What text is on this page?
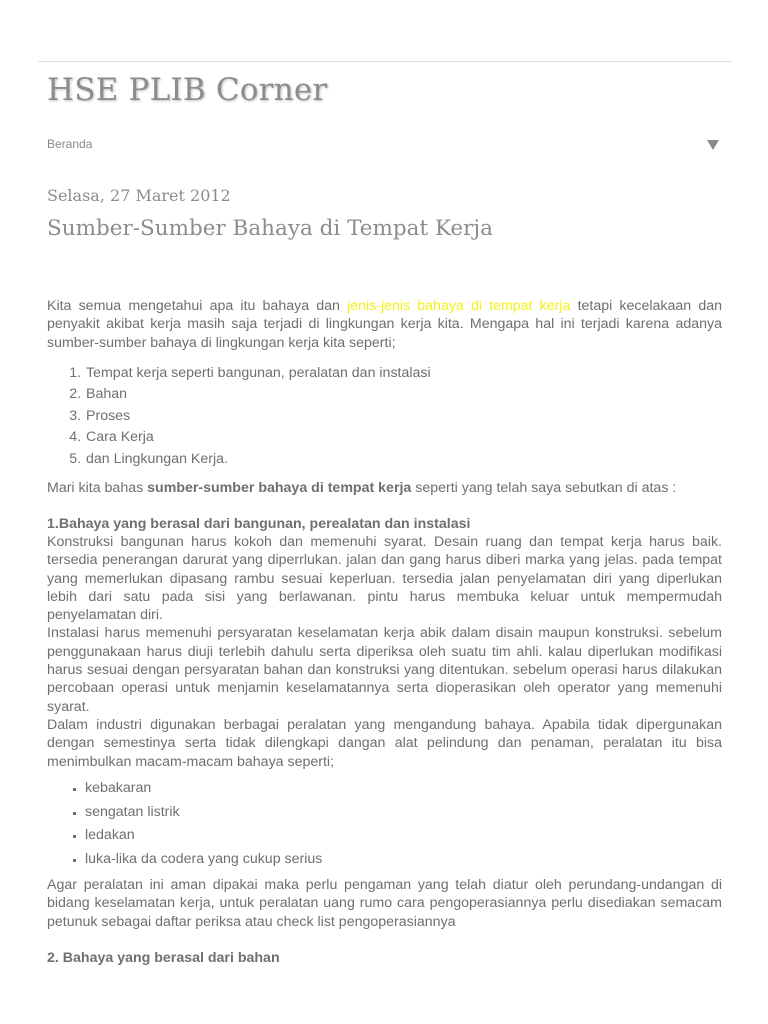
HSE PLIB Corner
Beranda
Selasa, 27 Maret 2012
Sumber-Sumber Bahaya di Tempat Kerja

Kita semua mengetahui apa itu bahaya dan jenis-jenis bahaya di tempat kerja tetapi kecelakaan dan penyakit akibat kerja masih saja terjadi di lingkungan kerja kita. Mengapa hal ini terjadi karena adanya sumber-sumber bahaya di lingkungan kerja kita seperti;

1. Tempat kerja seperti bangunan, peralatan dan instalasi
2. Bahan
3. Proses
4. Cara Kerja
5. dan Lingkungan Kerja.

Mari kita bahas sumber-sumber bahaya di tempat kerja seperti yang telah saya sebutkan di atas :

1.Bahaya yang berasal dari bangunan, perealatan dan instalasi

Konstruksi bangunan harus kokoh dan memenuhi syarat. Desain ruang dan tempat kerja harus baik. tersedia penerangan darurat yang diperrlukan. jalan dan gang harus diberi marka yang jelas. pada tempat yang memerlukan dipasang rambu sesuai keperluan. tersedia jalan penyelamatan diri yang diperlukan lebih dari satu pada sisi yang berlawanan. pintu harus membuka keluar untuk mempermudah penyelamatan diri.

Instalasi harus memenuhi persyaratan keselamatan kerja abik dalam disain maupun konstruksi. sebelum penggunakaan harus diuji terlebih dahulu serta diperiksa oleh suatu tim ahli. kalau diperlukan modifikasi harus sesuai dengan persyaratan bahan dan konstruksi yang ditentukan. sebelum operasi harus dilakukan percobaan operasi untuk menjamin keselamatannya serta dioperasikan oleh operator yang memenuhi syarat.

Dalam industri digunakan berbagai peralatan yang mengandung bahaya. Apabila tidak dipergunakan dengan semestinya serta tidak dilengkapi dangan alat pelindung dan penaman, peralatan itu bisa menimbulkan macam-macam bahaya seperti;

▪ kebakaran
▪ sengatan listrik
▪ ledakan
▪ luka-lika da codera yang cukup serius

Agar peralatan ini aman dipakai maka perlu pengaman yang telah diatur oleh perundang-undangan di bidang keselamatan kerja, untuk peralatan uang rumo cara pengoperasiannya perlu disediakan semacam petunuk sebagai daftar periksa atau check list pengoperasiannya

2. Bahaya yang berasal dari bahan
